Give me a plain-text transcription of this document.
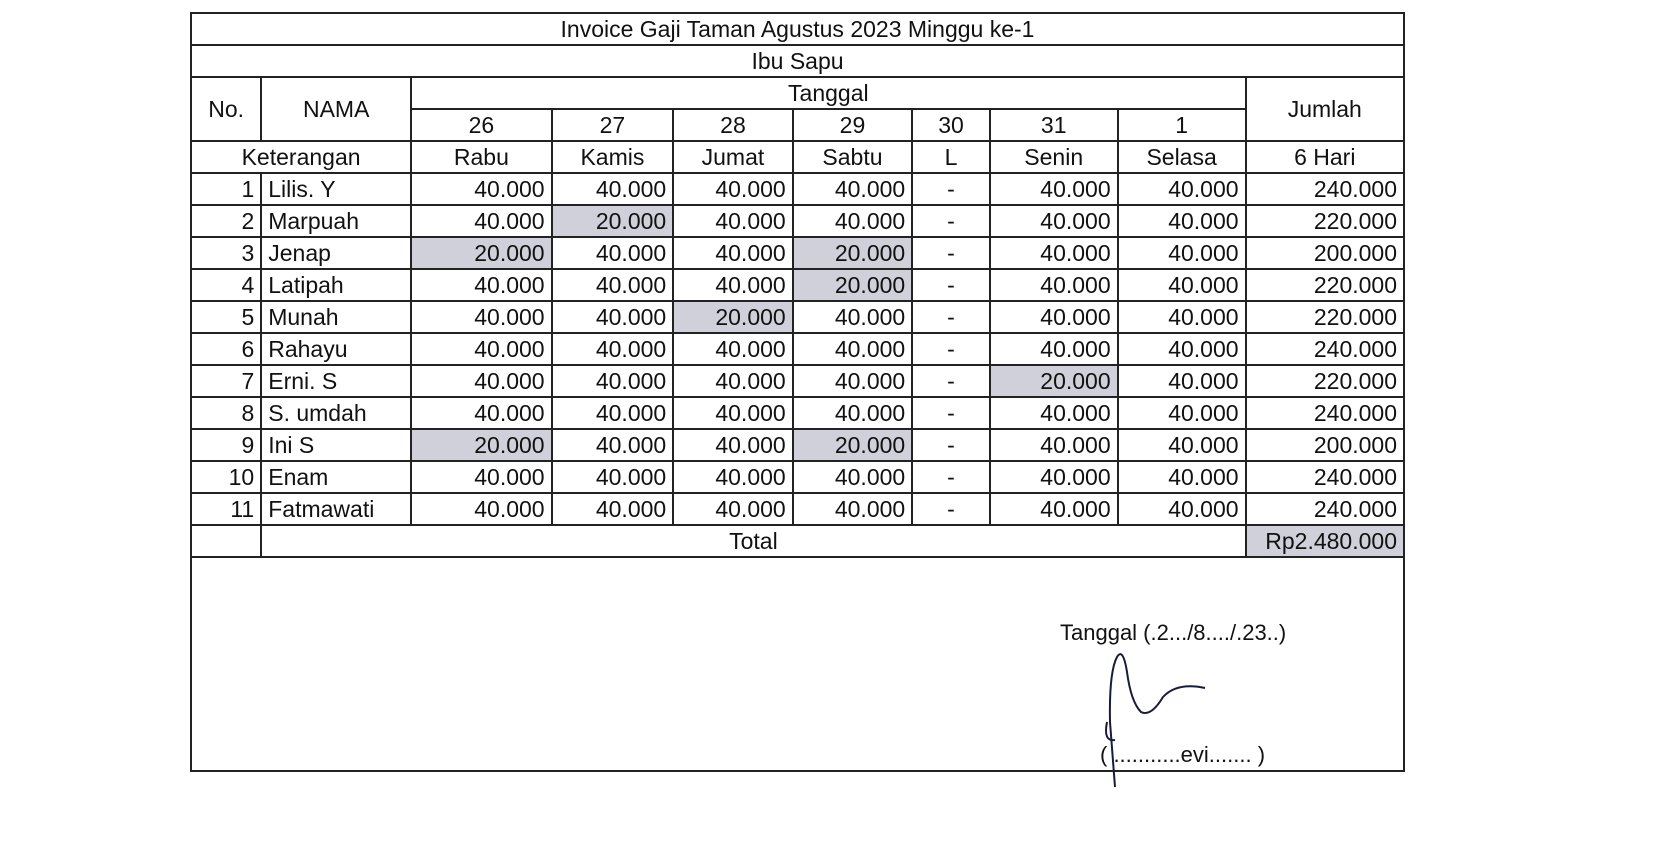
Invoice Gaji Taman Agustus 2023 Minggu ke-1									
Ibu Sapu									
No.	NAMA	Tanggal							Jumlah
		26	27	28	29	30	31	1	
Keterangan		Rabu	Kamis	Jumat	Sabtu	L	Senin	Selasa	6 Hari
1	Lilis. Y	40.000	40.000	40.000	40.000	-	40.000	40.000	240.000
2	Marpuah	40.000	20.000	40.000	40.000	-	40.000	40.000	220.000
3	Jenap	20.000	40.000	40.000	20.000	-	40.000	40.000	200.000
4	Latipah	40.000	40.000	40.000	20.000	-	40.000	40.000	220.000
5	Munah	40.000	40.000	20.000	40.000	-	40.000	40.000	220.000
6	Rahayu	40.000	40.000	40.000	40.000	-	40.000	40.000	240.000
7	Erni. S	40.000	40.000	40.000	40.000	-	20.000	40.000	220.000
8	S. umdah	40.000	40.000	40.000	40.000	-	40.000	40.000	240.000
9	Ini S	20.000	40.000	40.000	20.000	-	40.000	40.000	200.000
10	Enam	40.000	40.000	40.000	40.000	-	40.000	40.000	240.000
11	Fatmawati	40.000	40.000	40.000	40.000	-	40.000	40.000	240.000
	Total								Rp2.480.000
Tanggal (.2.../8..../.23..)
( ...........evi....... )
